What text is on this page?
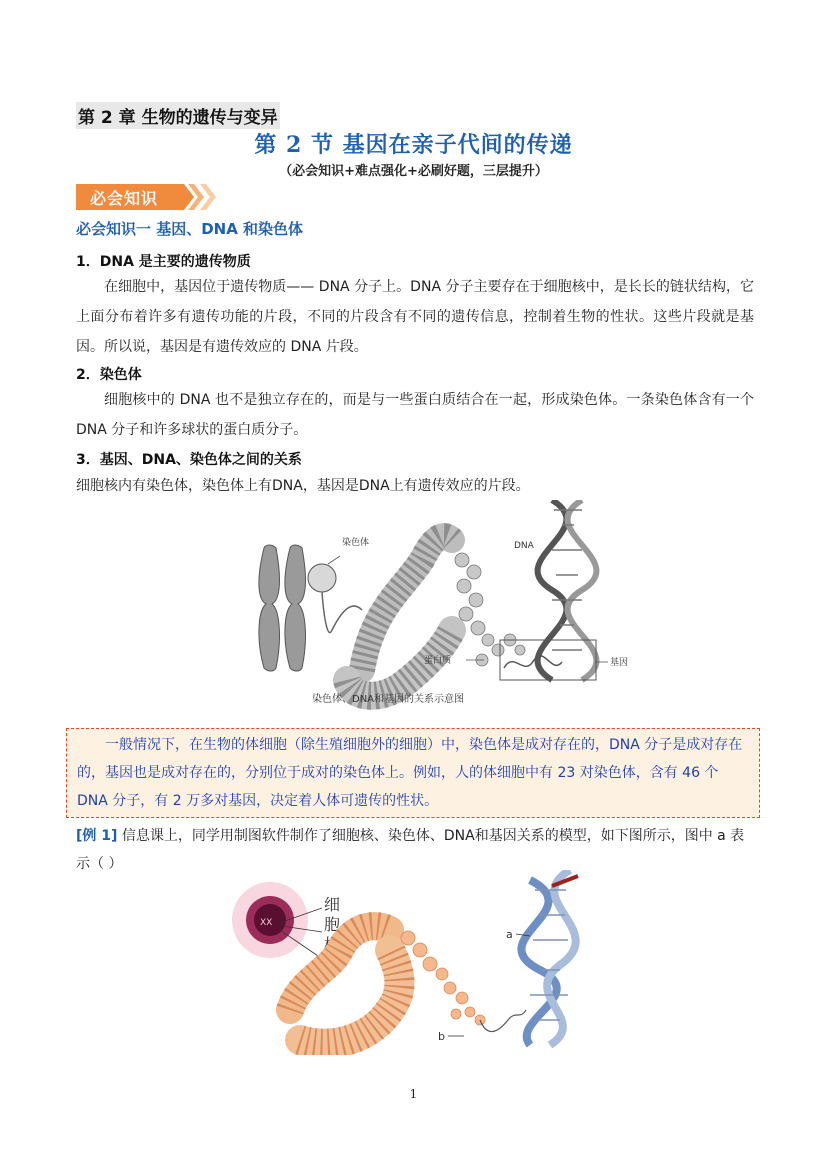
第 2 章 生物的遗传与变异
第 2 节 基因在亲子代间的传递
（必会知识+难点强化+必刷好题，三层提升）
必会知识
必会知识一 基因、DNA 和染色体
1．DNA 是主要的遗传物质
在细胞中，基因位于遗传物质—— DNA 分子上。DNA 分子主要存在于细胞核中，是长长的链状结构，它上面分布着许多有遗传功能的片段，不同的片段含有不同的遗传信息，控制着生物的性状。这些片段就是基因。所以说，基因是有遗传效应的 DNA 片段。
2．染色体
细胞核中的 DNA 也不是独立存在的，而是与一些蛋白质结合在一起，形成染色体。一条染色体含有一个 DNA 分子和许多球状的蛋白质分子。
3．基因、DNA、染色体之间的关系
细胞核内有染色体，染色体上有DNA，基因是DNA上有遗传效应的片段。
染色体	DNA
基因
蛋白质
染色体、DNA和基因的关系示意图
一般情况下，在生物的体细胞（除生殖细胞外的细胞）中，染色体是成对存在的，DNA 分子是成对存在的，基因也是成对存在的，分别位于成对的染色体上。例如，人的体细胞中有 23 对染色体，含有 46 个 DNA 分子，有 2 万多对基因，决定着人体可遗传的性状。
[例 1] 信息课上，同学用制图软件制作了细胞核、染色体、DNA和基因关系的模型，如下图所示，图中 a 表示（ ）
XX
细
胞
核
内
a
b
1
